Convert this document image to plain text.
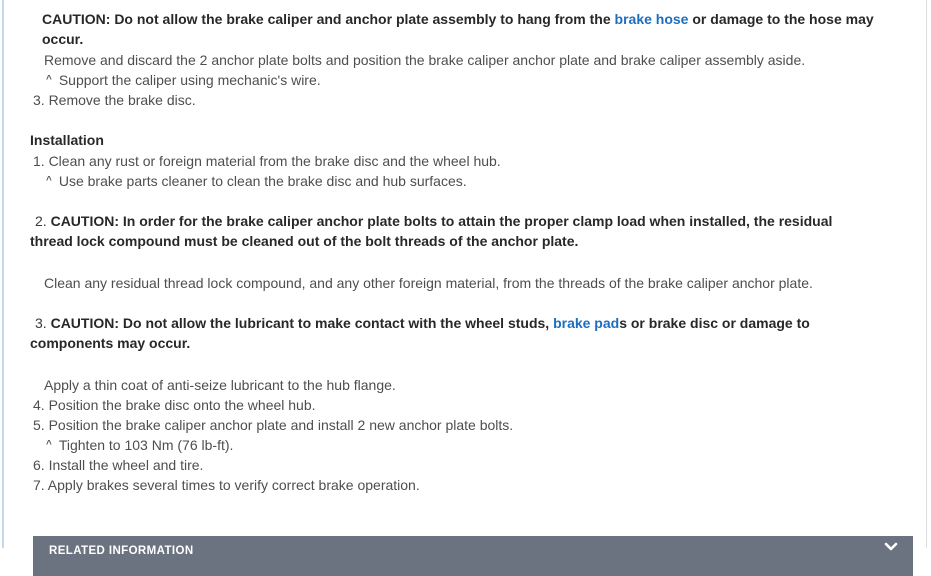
CAUTION: Do not allow the brake caliper and anchor plate assembly to hang from the brake hose or damage to the hose may occur.

Remove and discard the 2 anchor plate bolts and position the brake caliper anchor plate and brake caliper assembly aside.

^ Support the caliper using mechanic's wire.

3. Remove the brake disc.

Installation

1. Clean any rust or foreign material from the brake disc and the wheel hub.

^ Use brake parts cleaner to clean the brake disc and hub surfaces.

2. CAUTION: In order for the brake caliper anchor plate bolts to attain the proper clamp load when installed, the residual thread lock compound must be cleaned out of the bolt threads of the anchor plate.

Clean any residual thread lock compound, and any other foreign material, from the threads of the brake caliper anchor plate.

3. CAUTION: Do not allow the lubricant to make contact with the wheel studs, brake pads or brake disc or damage to components may occur.

Apply a thin coat of anti-seize lubricant to the hub flange.

4. Position the brake disc onto the wheel hub.

5. Position the brake caliper anchor plate and install 2 new anchor plate bolts.

^ Tighten to 103 Nm (76 lb-ft).

6. Install the wheel and tire.

7. Apply brakes several times to verify correct brake operation.

RELATED INFORMATION
